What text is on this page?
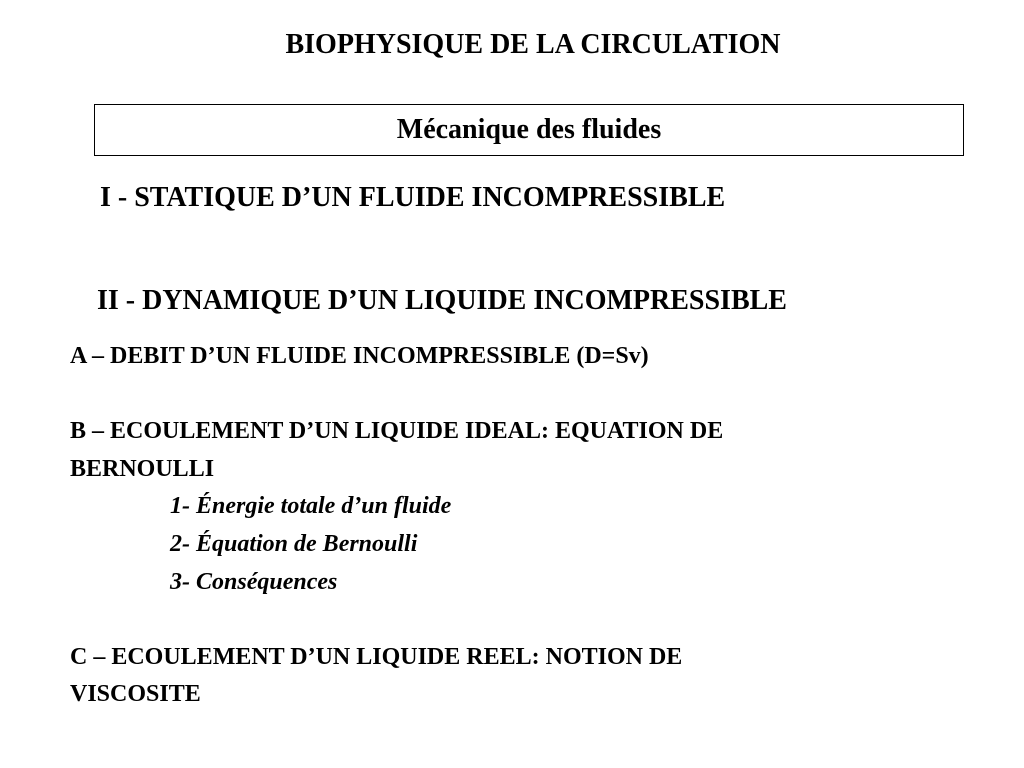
BIOPHYSIQUE DE LA CIRCULATION
Mécanique des fluides
I - STATIQUE D’UN FLUIDE INCOMPRESSIBLE
II - DYNAMIQUE D’UN LIQUIDE INCOMPRESSIBLE
A – DEBIT D’UN FLUIDE INCOMPRESSIBLE (D=Sv)
B – ECOULEMENT D’UN LIQUIDE IDEAL: EQUATION DE
BERNOULLI
1- Énergie totale d’un fluide
2- Équation de Bernoulli
3- Conséquences
C – ECOULEMENT D’UN LIQUIDE REEL: NOTION DE
VISCOSITE
